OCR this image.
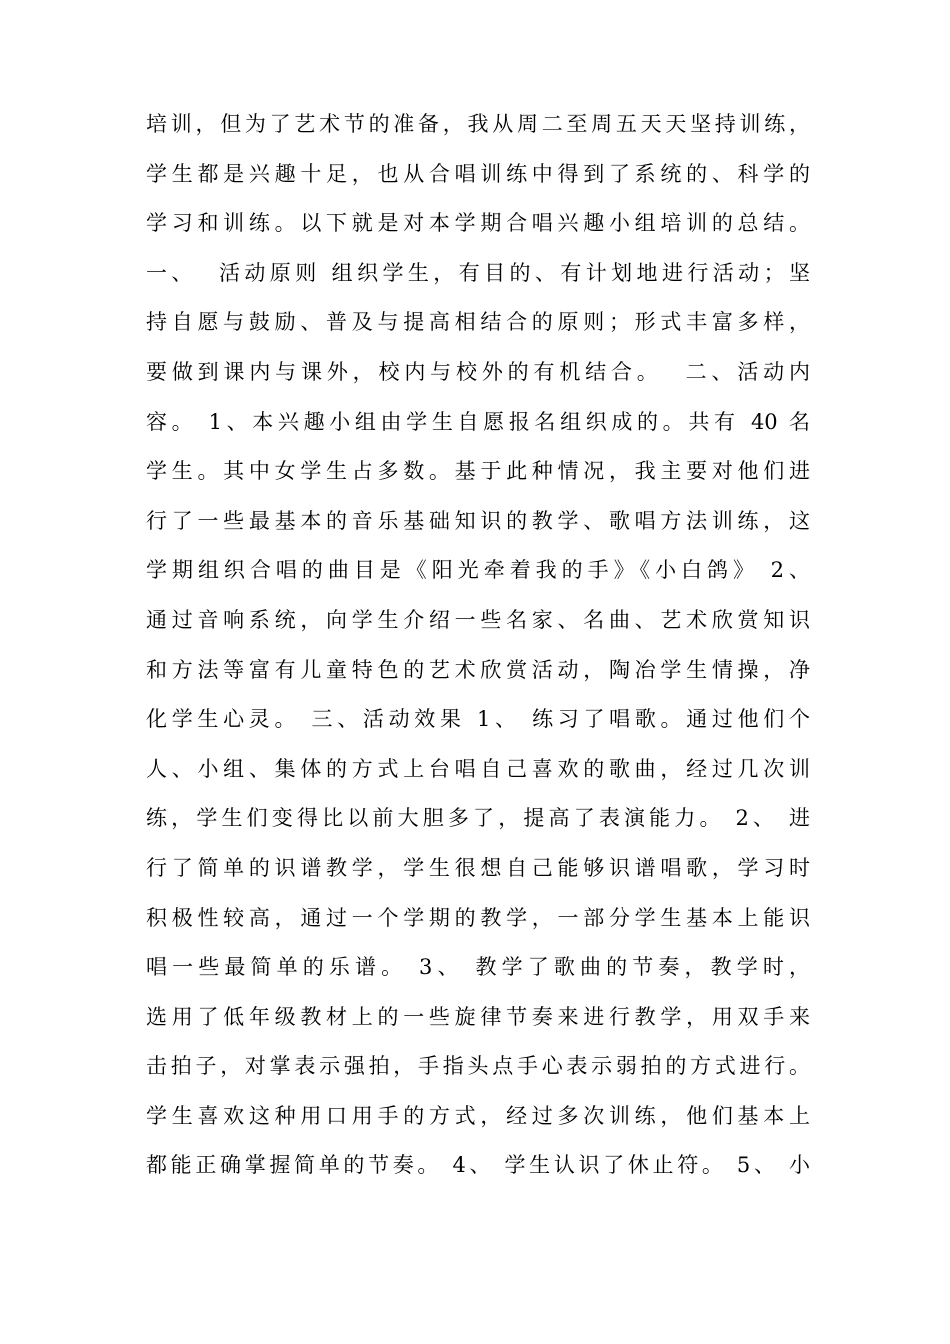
培训，但为了艺术节的准备，我从周二至周五天天坚持训练，
学生都是兴趣十足，也从合唱训练中得到了系统的、科学的
学习和训练。以下就是对本学期合唱兴趣小组培训的总结。
一、  活动原则 组织学生，有目的、有计划地进行活动；坚
持自愿与鼓励、普及与提高相结合的原则；形式丰富多样，
要做到课内与课外，校内与校外的有机结合。  二、活动内
容。 1、本兴趣小组由学生自愿报名组织成的。共有 40 名
学生。其中女学生占多数。基于此种情况，我主要对他们进
行了一些最基本的音乐基础知识的教学、歌唱方法训练，这
学期组织合唱的曲目是《阳光牵着我的手》《小白鸽》 2、
通过音响系统，向学生介绍一些名家、名曲、艺术欣赏知识
和方法等富有儿童特色的艺术欣赏活动，陶冶学生情操，净
化学生心灵。 三、活动效果 1、 练习了唱歌。通过他们个
人、小组、集体的方式上台唱自己喜欢的歌曲，经过几次训
练，学生们变得比以前大胆多了，提高了表演能力。 2、 进
行了简单的识谱教学，学生很想自己能够识谱唱歌，学习时
积极性较高，通过一个学期的教学，一部分学生基本上能识
唱一些最简单的乐谱。 3、 教学了歌曲的节奏，教学时，
选用了低年级教材上的一些旋律节奏来进行教学，用双手来
击拍子，对掌表示强拍，手指头点手心表示弱拍的方式进行。
学生喜欢这种用口用手的方式，经过多次训练，他们基本上
都能正确掌握简单的节奏。 4、 学生认识了休止符。 5、 小
